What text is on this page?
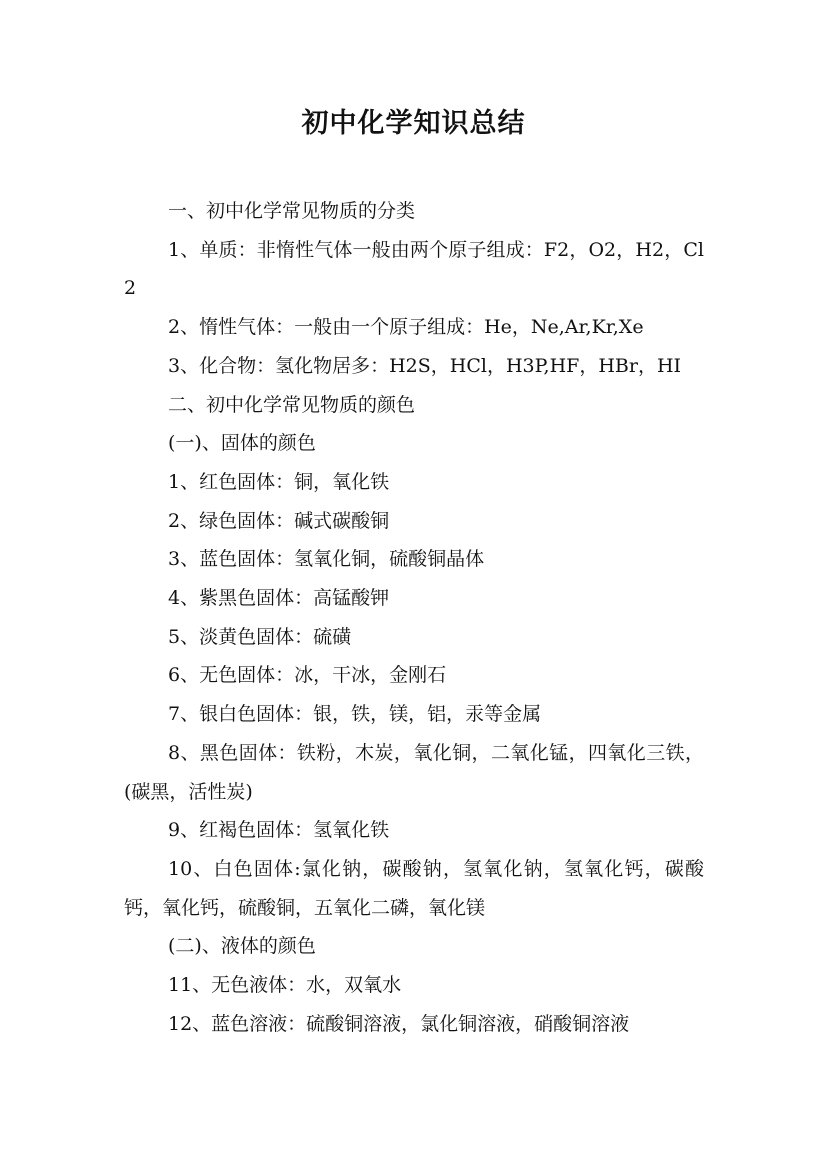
初中化学知识总结

一、初中化学常见物质的分类

1、单质：非惰性气体一般由两个原子组成：F2，O2，H2，Cl2

2、惰性气体：一般由一个原子组成：He，Ne,Ar,Kr,Xe

3、化合物：氢化物居多：H2S，HCl，H3P,HF，HBr，HI

二、初中化学常见物质的颜色

(一)、固体的颜色

1、红色固体：铜，氧化铁

2、绿色固体：碱式碳酸铜

3、蓝色固体：氢氧化铜，硫酸铜晶体

4、紫黑色固体：高锰酸钾

5、淡黄色固体：硫磺

6、无色固体：冰，干冰，金刚石

7、银白色固体：银，铁，镁，铝，汞等金属

8、黑色固体：铁粉，木炭，氧化铜，二氧化锰，四氧化三铁，(碳黑，活性炭)

9、红褐色固体：氢氧化铁

10、白色固体:氯化钠，碳酸钠，氢氧化钠，氢氧化钙，碳酸钙，氧化钙，硫酸铜，五氧化二磷，氧化镁

(二)、液体的颜色

11、无色液体：水，双氧水

12、蓝色溶液：硫酸铜溶液，氯化铜溶液，硝酸铜溶液
